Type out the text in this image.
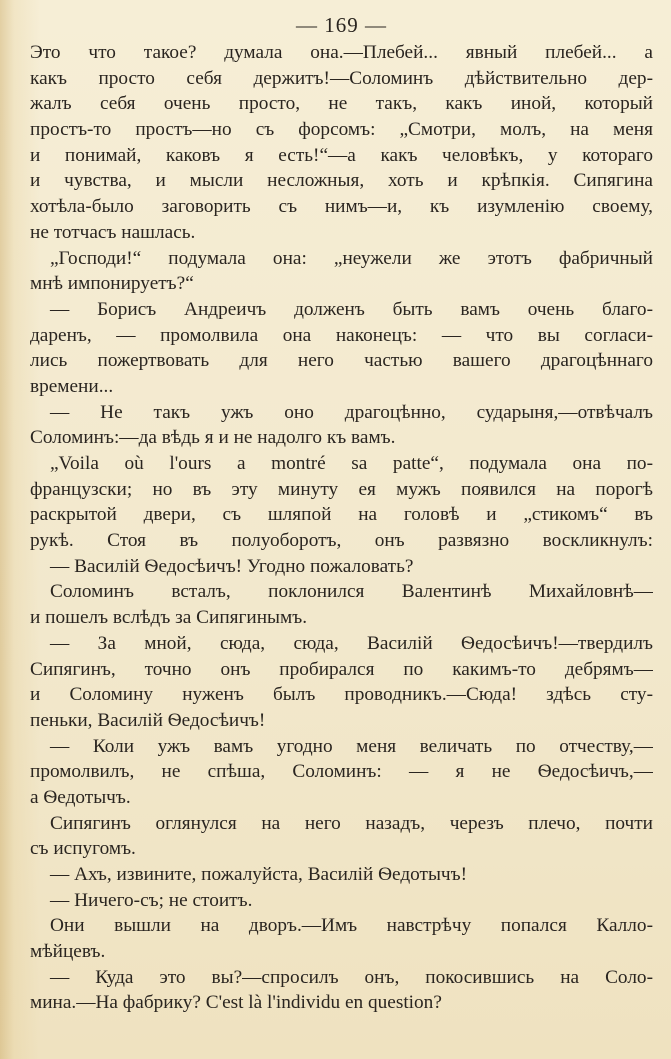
— 169 —
Это что такое? думала она.—Плебей... явный плебей... а
какъ просто себя держитъ!—Соломинъ дѣйствительно дер-
жалъ себя очень просто, не такъ, какъ иной, который
простъ-то простъ—но съ форсомъ: „Смотри, молъ, на меня
и понимай, каковъ я есть!“—а какъ человѣкъ, у котораго
и чувства, и мысли несложныя, хоть и крѣпкія. Сипягина
хотѣла-было заговорить съ нимъ—и, къ изумленію своему,
не тотчасъ нашлась.
„Господи!“ подумала она: „неужели же этотъ фабричный
мнѣ импонируетъ?“
— Борисъ Андреичъ долженъ быть вамъ очень благо-
даренъ, — промолвила она наконецъ: — что вы согласи-
лись пожертвовать для него частью вашего драгоцѣннаго
времени...
— Не такъ ужъ оно драгоцѣнно, сударыня,—отвѣчалъ
Соломинъ:—да вѣдь я и не надолго къ вамъ.
„Voila où l'ours a montré sa patte“, подумала она по-
французски; но въ эту минуту ея мужъ появился на порогѣ
раскрытой двери, съ шляпой на головѣ и „стикомъ“ въ
рукѣ. Стоя въ полуоборотъ, онъ развязно воскликнулъ:
— Василій Ѳедосѣичъ! Угодно пожаловать?
Соломинъ всталъ, поклонился Валентинѣ Михайловнѣ—
и пошелъ вслѣдъ за Сипягинымъ.
— За мной, сюда, сюда, Василій Ѳедосѣичъ!—твердилъ
Сипягинъ, точно онъ пробирался по какимъ-то дебрямъ—
и Соломину нуженъ былъ проводникъ.—Сюда! здѣсь сту-
пеньки, Василій Ѳедосѣичъ!
— Коли ужъ вамъ угодно меня величать по отчеству,—
промолвилъ, не спѣша, Соломинъ: — я не Ѳедосѣичъ,—
а Ѳедотычъ.
Сипягинъ оглянулся на него назадъ, черезъ плечо, почти
съ испугомъ.
— Ахъ, извините, пожалуйста, Василій Ѳедотычъ!
— Ничего-съ; не стоитъ.
Они вышли на дворъ.—Имъ навстрѣчу попался Калло-
мѣйцевъ.
— Куда это вы?—спросилъ онъ, покосившись на Соло-
мина.—На фабрику? C'est là l'individu en question?
